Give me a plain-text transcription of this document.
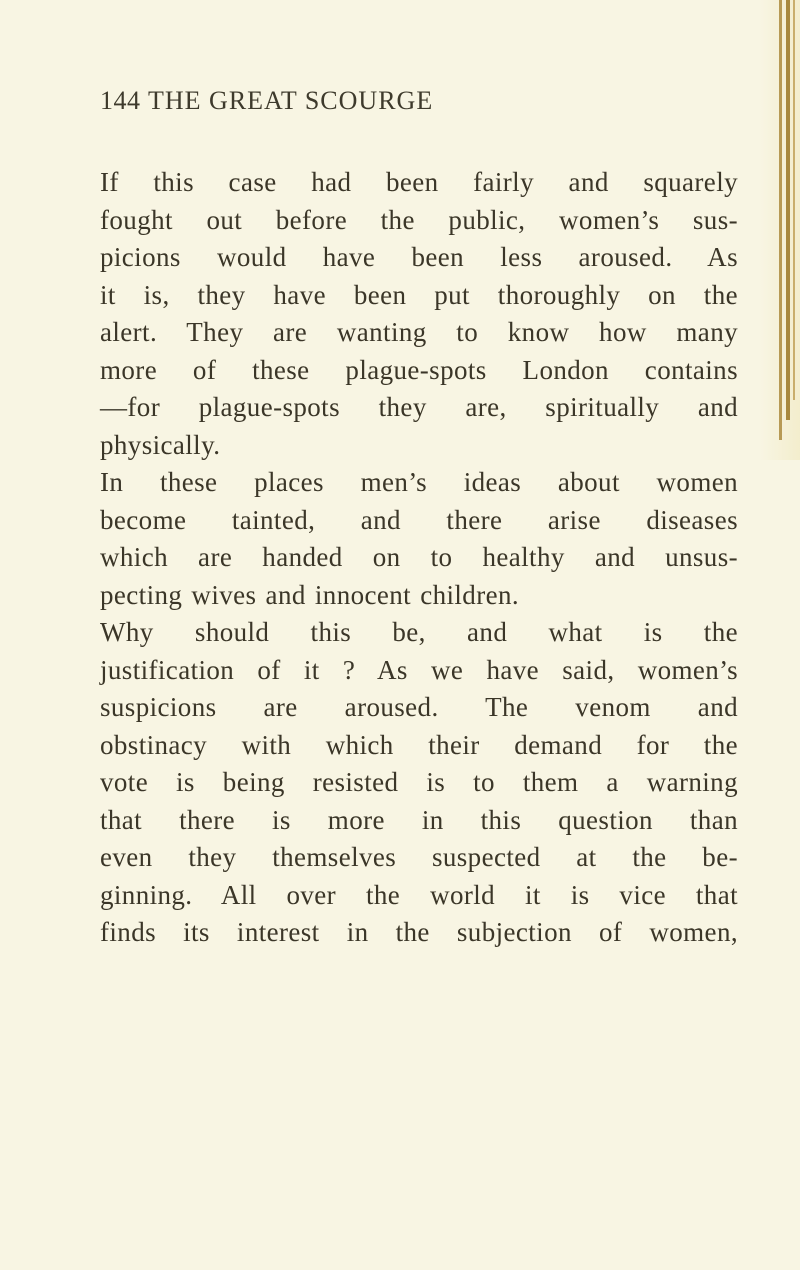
144 THE GREAT SCOURGE
If this case had been fairly and squarely
fought out before the public, women’s sus-
picions would have been less aroused. As
it is, they have been put thoroughly on the
alert. They are wanting to know how many
more of these plague-spots London contains
—for plague-spots they are, spiritually and
physically.
In these places men’s ideas about women
become tainted, and there arise diseases
which are handed on to healthy and unsus-
pecting wives and innocent children.
Why should this be, and what is the
justification of it ? As we have said, women’s
suspicions are aroused. The venom and
obstinacy with which their demand for the
vote is being resisted is to them a warning
that there is more in this question than
even they themselves suspected at the be-
ginning. All over the world it is vice that
finds its interest in the subjection of women,
